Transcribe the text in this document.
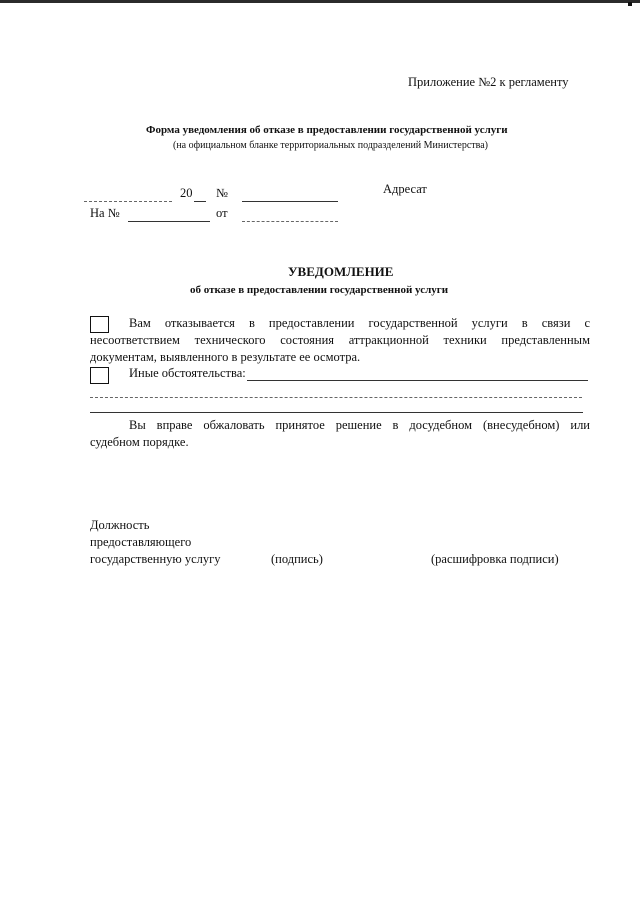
Приложение №2 к регламенту
Форма уведомления об отказе в предоставлении государственной услуги
(на официальном бланке территориальных подразделений Министерства)
20 №	Адресат
На №	от
УВЕДОМЛЕНИЕ
об отказе в предоставлении государственной услуги
Вам отказывается в предоставлении государственной услуги в связи с
несоответствием технического состояния аттракционной техники представленным
документам, выявленного в результате ее осмотра.
Иные обстоятельства:
Вы вправе обжаловать принятое решение в досудебном (внесудебном) или
судебном порядке.
Должность
предоставляющего
государственную услугу	(подпись)	(расшифровка подписи)
